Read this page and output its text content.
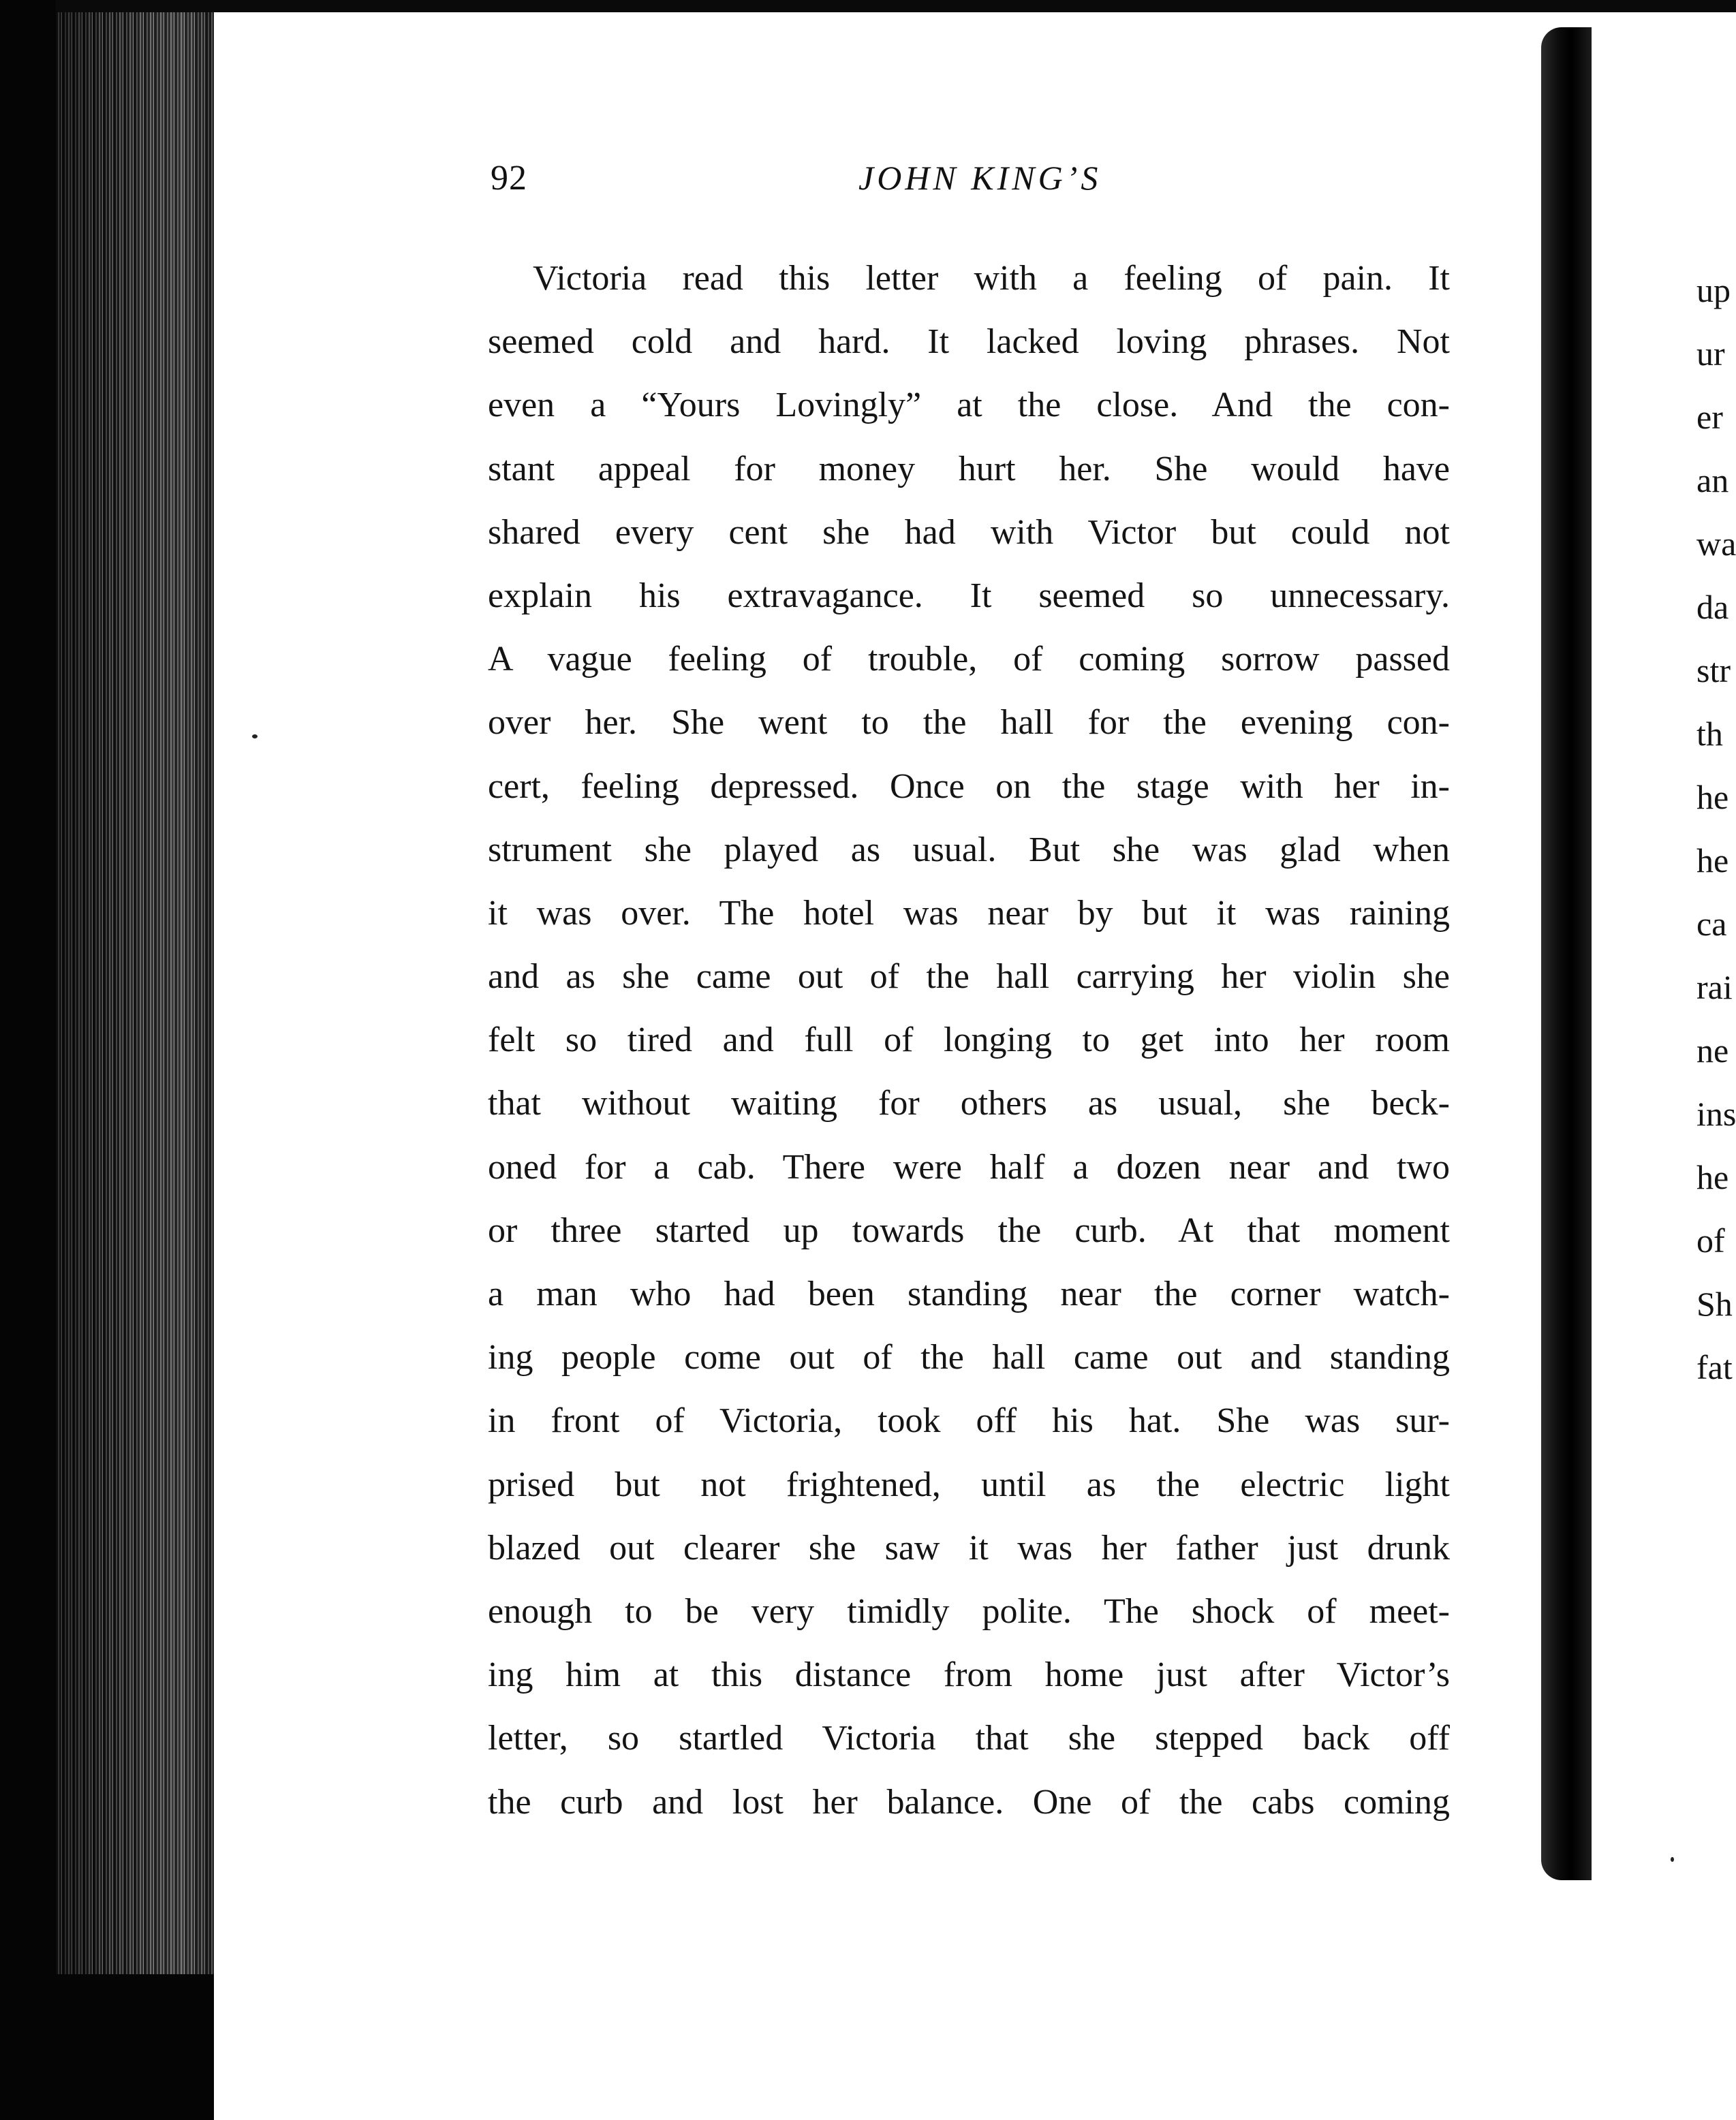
92	JOHN KING’S
Victoria read this letter with a feeling of pain. It
seemed cold and hard. It lacked loving phrases. Not
even a “Yours Lovingly” at the close. And the con-
stant appeal for money hurt her. She would have
shared every cent she had with Victor but could not
explain his extravagance. It seemed so unnecessary.
A vague feeling of trouble, of coming sorrow passed
over her. She went to the hall for the evening con-
cert, feeling depressed. Once on the stage with her in-
strument she played as usual. But she was glad when
it was over. The hotel was near by but it was raining
and as she came out of the hall carrying her violin she
felt so tired and full of longing to get into her room
that without waiting for others as usual, she beck-
oned for a cab. There were half a dozen near and two
or three started up towards the curb. At that moment
a man who had been standing near the corner watch-
ing people come out of the hall came out and standing
in front of Victoria, took off his hat. She was sur-
prised but not frightened, until as the electric light
blazed out clearer she saw it was her father just drunk
enough to be very timidly polite. The shock of meet-
ing him at this distance from home just after Victor’s
letter, so startled Victoria that she stepped back off
the curb and lost her balance. One of the cabs coming
up
ur
er
an
wa
da
str
th
he
he
ca
rai
ne
ins
he
of
Sh
fat
